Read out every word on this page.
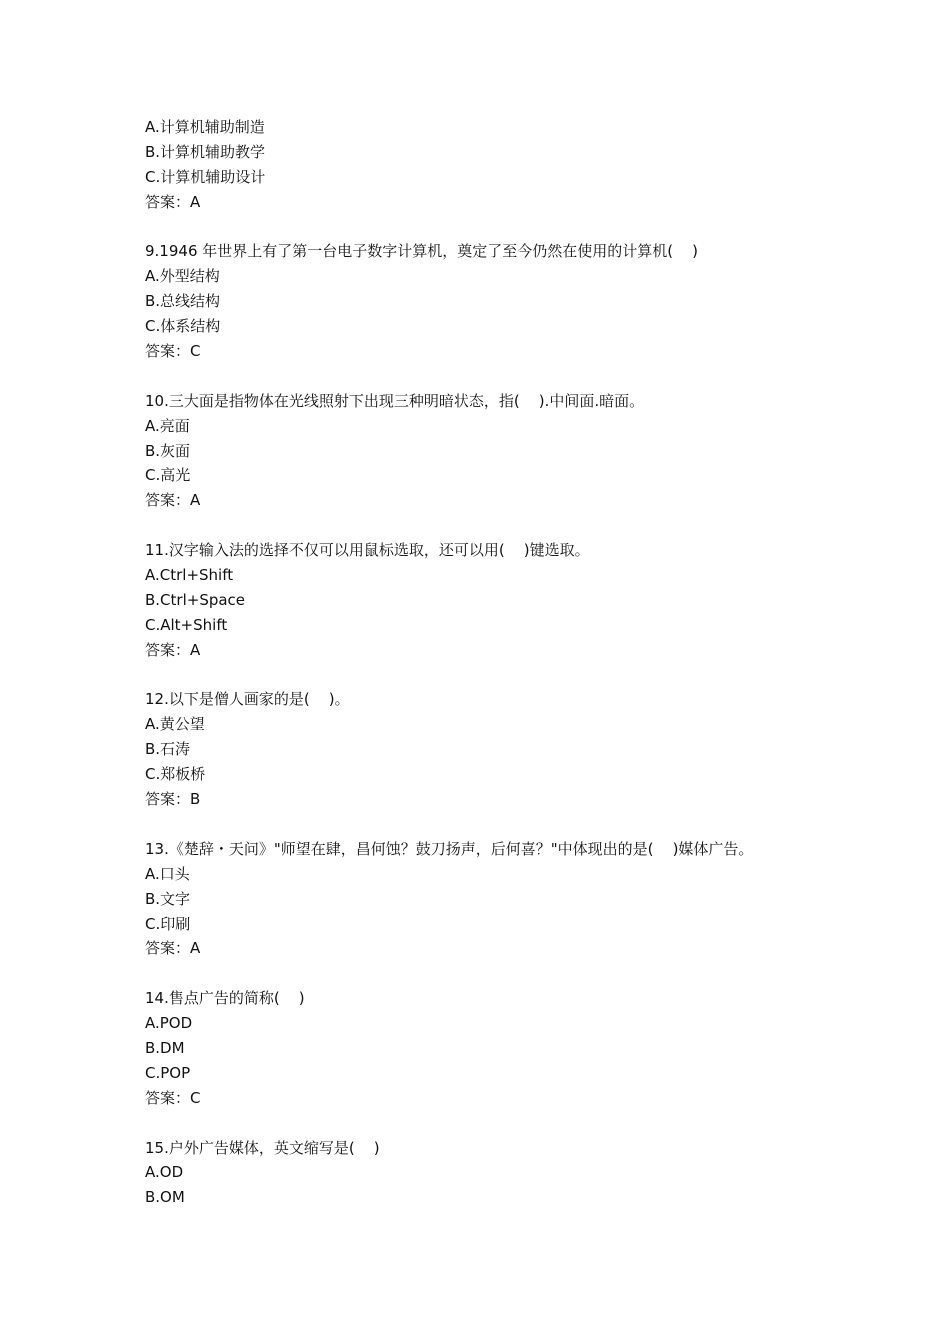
A.计算机辅助制造
B.计算机辅助教学
C.计算机辅助设计
答案：A
9.1946 年世界上有了第一台电子数字计算机，奠定了至今仍然在使用的计算机(    )
A.外型结构
B.总线结构
C.体系结构
答案：C
10.三大面是指物体在光线照射下出现三种明暗状态，指(    ).中间面.暗面。
A.亮面
B.灰面
C.高光
答案：A
11.汉字输入法的选择不仅可以用鼠标选取，还可以用(    )键选取。
A.Ctrl+Shift
B.Ctrl+Space
C.Alt+Shift
答案：A
12.以下是僧人画家的是(    )。
A.黄公望
B.石涛
C.郑板桥
答案：B
13.《楚辞・天问》"师望在肆，昌何蚀？鼓刀扬声，后何喜？"中体现出的是(    )媒体广告。
A.口头
B.文字
C.印刷
答案：A
14.售点广告的简称(    )
A.POD
B.DM
C.POP
答案：C
15.户外广告媒体，英文缩写是(    )
A.OD
B.OM
